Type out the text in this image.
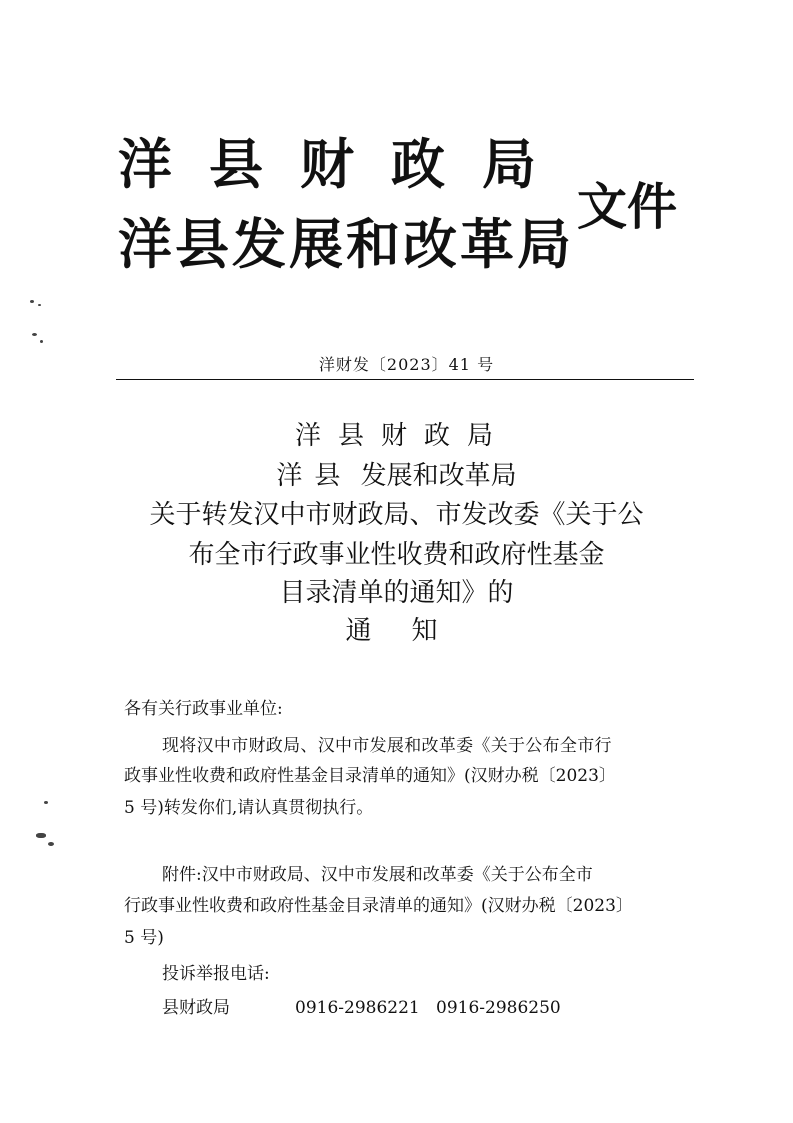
洋县财政局
洋县发展和改革局
文件
洋财发〔2023〕41 号
洋县财政局
洋县 发展和改革局
关于转发汉中市财政局、市发改委《关于公
布全市行政事业性收费和政府性基金
目录清单的通知》的
通知
各有关行政事业单位:
现将汉中市财政局、汉中市发展和改革委《关于公布全市行
政事业性收费和政府性基金目录清单的通知》(汉财办税〔2023〕
5 号)转发你们,请认真贯彻执行。
附件:汉中市财政局、汉中市发展和改革委《关于公布全市
行政事业性收费和政府性基金目录清单的通知》(汉财办税〔2023〕
5 号)
投诉举报电话:
县财政局	0916-2986221 0916-2986250
